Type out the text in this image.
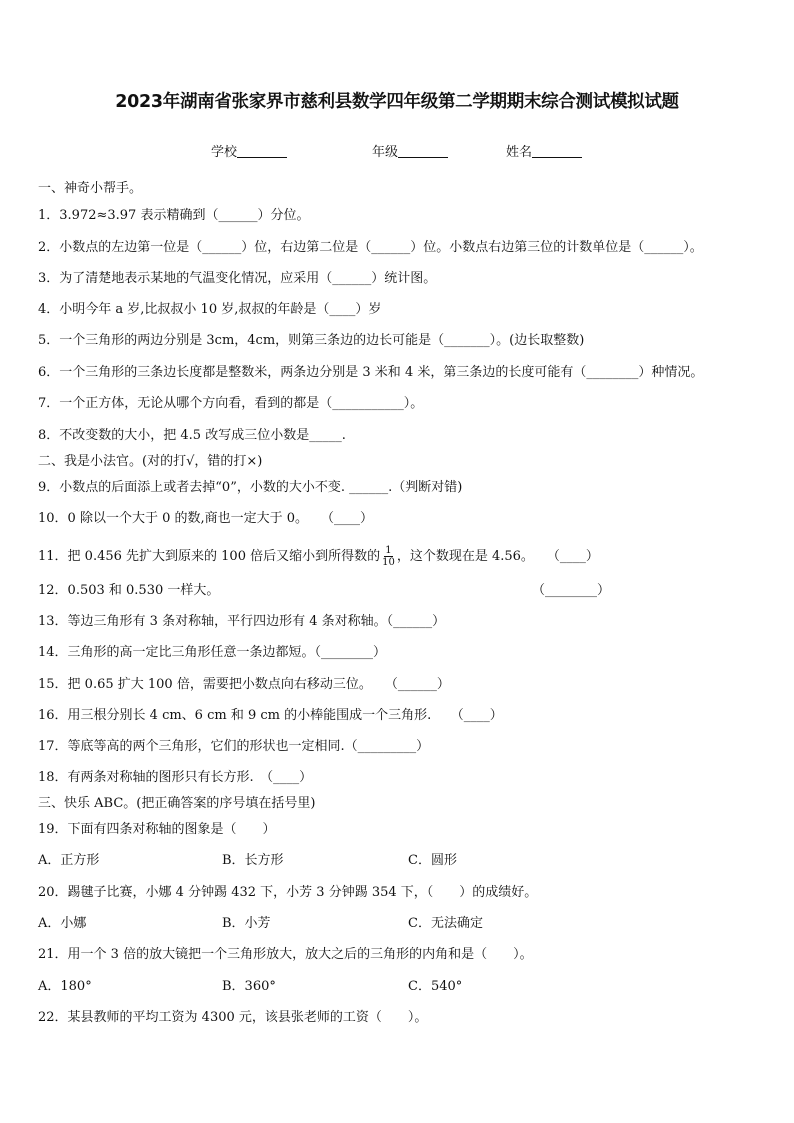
2023年湖南省张家界市慈利县数学四年级第二学期期末综合测试模拟试题
学校	年级	姓名
一、神奇小帮手。
1．3.972≈3.97 表示精确到（______）分位。
2．小数点的左边第一位是（______）位，右边第二位是（______）位。小数点右边第三位的计数单位是（______）。
3．为了清楚地表示某地的气温变化情况，应采用（______）统计图。
4．小明今年 a 岁,比叔叔小 10 岁,叔叔的年龄是（____）岁
5．一个三角形的两边分别是 3cm，4cm，则第三条边的边长可能是（_______）。(边长取整数)
6．一个三角形的三条边长度都是整数米，两条边分别是 3 米和 4 米，第三条边的长度可能有（________）种情况。
7．一个正方体，无论从哪个方向看，看到的都是（___________）。
8．不改变数的大小，把 4.5 改写成三位小数是_____.
二、我是小法官。(对的打√，错的打×)
9．小数点的后面添上或者去掉“0”，小数的大小不变. ______.（判断对错)
10．0 除以一个大于 0 的数,商也一定大于 0。　　（____）
11．把 0.456 先扩大到原来的 100 倍后又缩小到所得数的 $\frac{1}{10}$ ，这个数现在是 4.56。　　（____）
12．0.503 和 0.530 一样大。	（________）
13．等边三角形有 3 条对称轴，平行四边形有 4 条对称轴。（______）
14．三角形的高一定比三角形任意一条边都短。（________）
15．把 0.65 扩大 100 倍，需要把小数点向右移动三位。　　（______）
16．用三根分别长 4 cm、6 cm 和 9 cm 的小棒能围成一个三角形.　　（____）
17．等底等高的两个三角形，它们的形状也一定相同.（_________）
18．有两条对称轴的图形只有长方形.　（____）
三、快乐 ABC。(把正确答案的序号填在括号里)
19．下面有四条对称轴的图象是（　　）
A．正方形	B．长方形	C．圆形
20．踢毽子比赛，小娜 4 分钟踢 432 下，小芳 3 分钟踢 354 下，（　　）的成绩好。
A．小娜	B．小芳	C．无法确定
21．用一个 3 倍的放大镜把一个三角形放大，放大之后的三角形的内角和是（　　）。
A．180°	B．360°	C．540°
22．某县教师的平均工资为 4300 元，该县张老师的工资（　　）。
